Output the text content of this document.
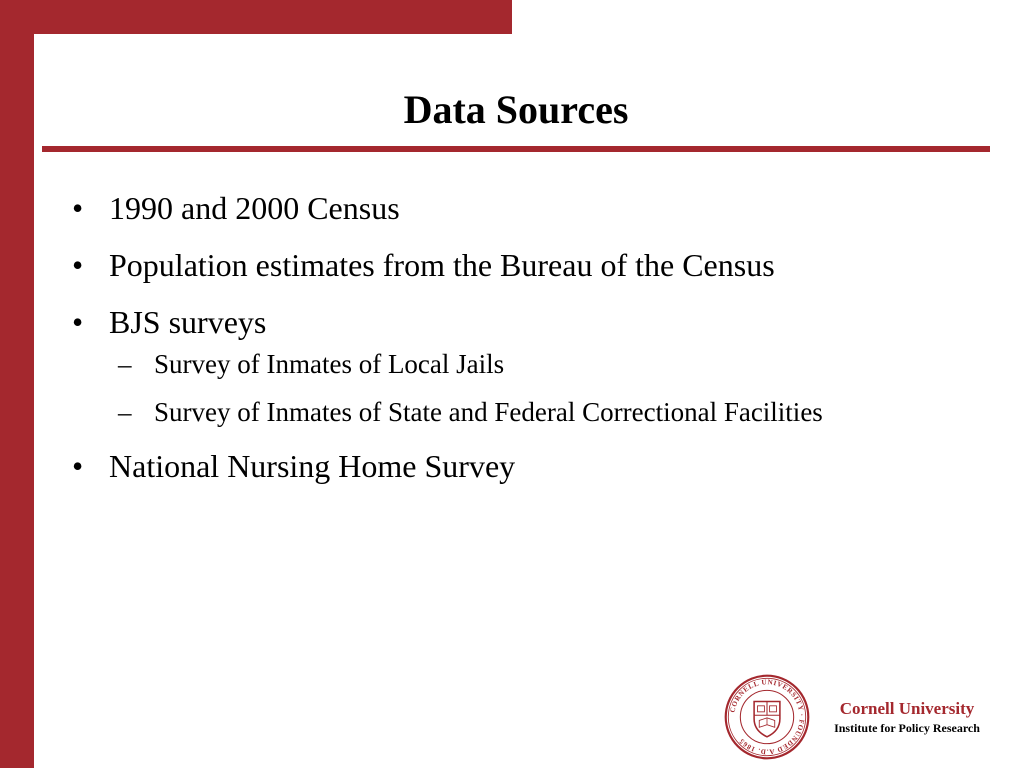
Data Sources
• 1990 and 2000 Census
• Population estimates from the Bureau of the Census
• BJS surveys
– Survey of Inmates of Local Jails
– Survey of Inmates of State and Federal Correctional Facilities
• National Nursing Home Survey
CORNELL UNIVERSITY · FOUNDED A.D. 1865
Cornell University
Institute for Policy Research
